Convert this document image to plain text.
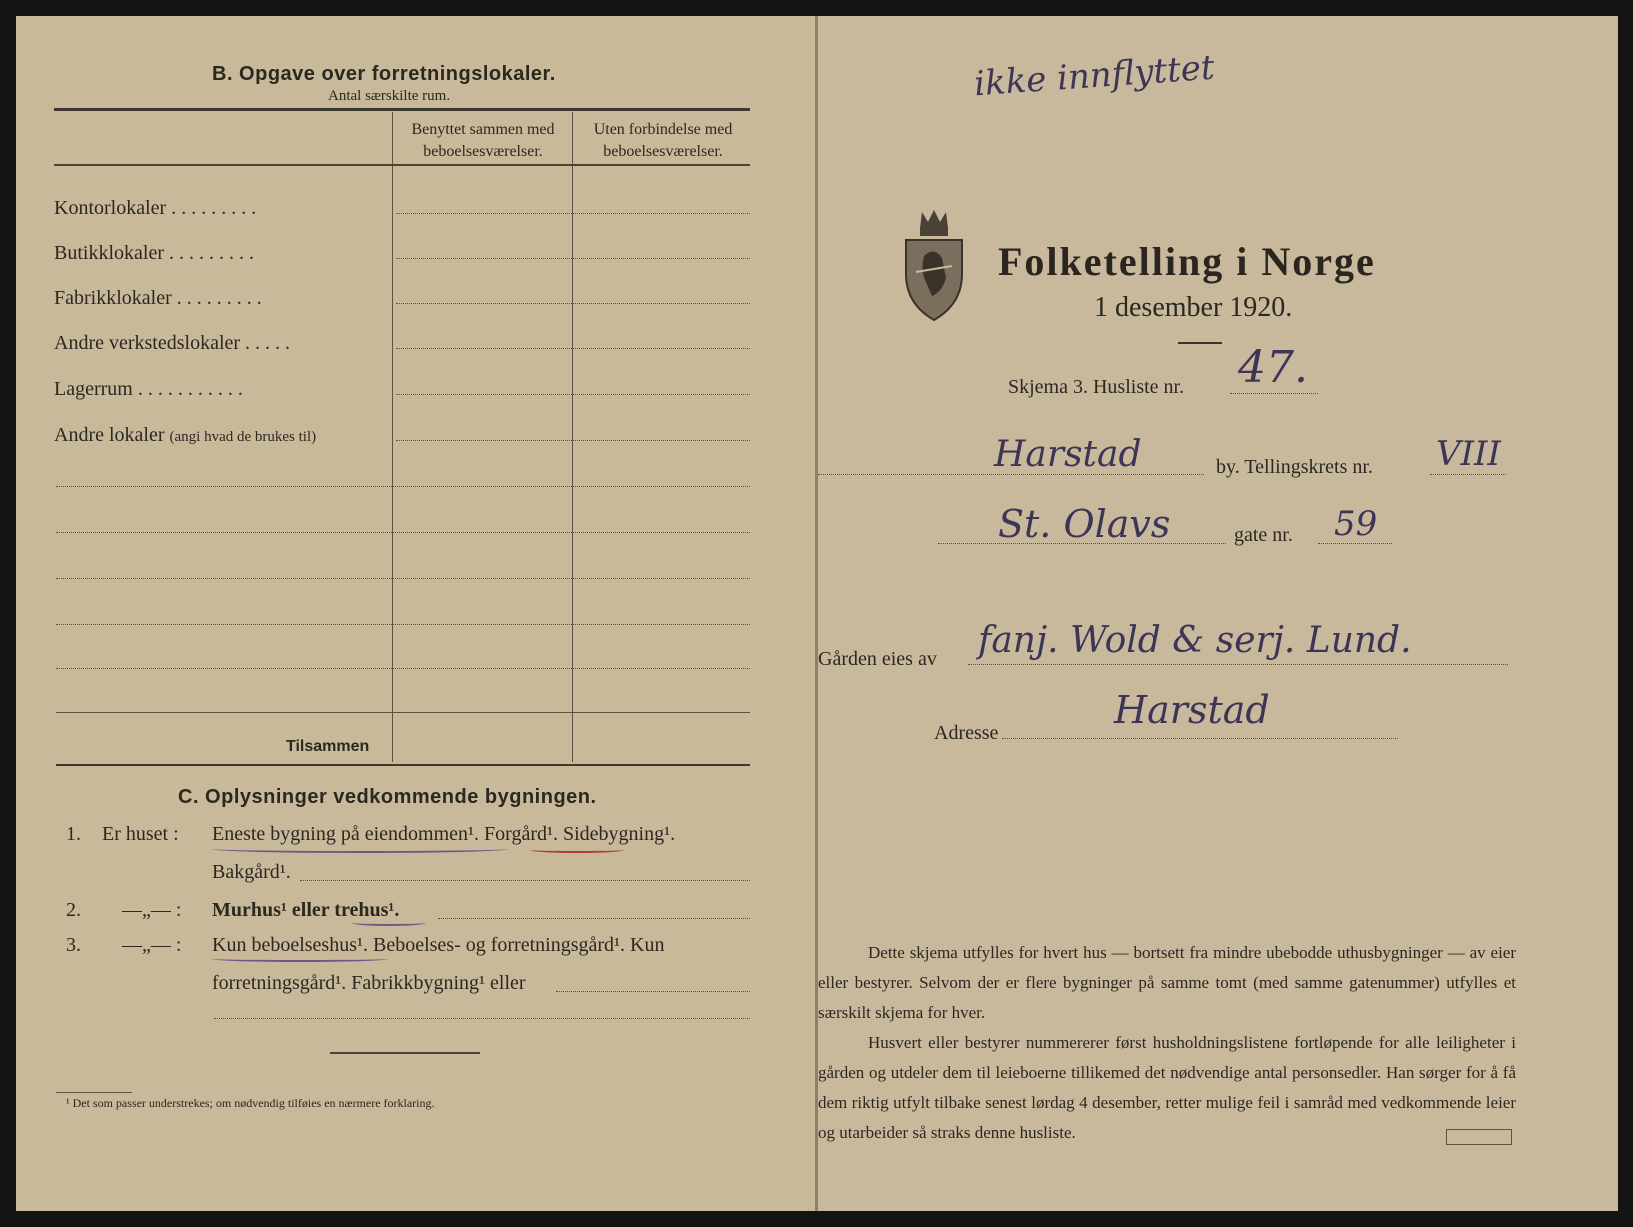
B. Opgave over forretningslokaler.
Antal særskilte rum.
Benyttet sammen med beboelsesværelser.
Uten forbindelse med beboelsesværelser.
Kontorlokaler . . . . . . . . .
Butikklokaler . . . . . . . . .
Fabrikklokaler . . . . . . . . .
Andre verkstedslokaler . . . . .
Lagerrum . . . . . . . . . . .
Andre lokaler (angi hvad de brukes til)
Tilsammen
C. Oplysninger vedkommende bygningen.
1. Er huset : Eneste bygning på eiendommen¹. Forgård¹. Sidebygning¹.
Bakgård¹.
2. —„— : Murhus¹ eller trehus¹.
3. —„— : Kun beboelseshus¹. Beboelses- og forretningsgård¹. Kun
forretningsgård¹. Fabrikkbygning¹ eller
¹ Det som passer understrekes; om nødvendig tilføies en nærmere forklaring.
ikke innflyttet
Folketelling i Norge
1 desember 1920.
Skjema 3. Husliste nr. 47.
Harstad	by. Tellingskrets nr. VIII
St. Olavs	gate nr. 59
Gården eies av fanj. Wold & serj. Lund.
Adresse
Harstad
Dette skjema utfylles for hvert hus — bortsett fra mindre ubebodde uthusbygninger — av eier eller bestyrer. Selvom der er flere bygninger på samme tomt (med samme gatenummer) utfylles et særskilt skjema for hver.
Husvert eller bestyrer nummererer først husholdningslistene fortløpende for alle leiligheter i gården og utdeler dem til leieboerne tillikemed det nødvendige antal personsedler. Han sørger for å få dem riktig utfylt tilbake senest lørdag 4 desember, retter mulige feil i samråd med vedkommende leier og utarbeider så straks denne husliste.
